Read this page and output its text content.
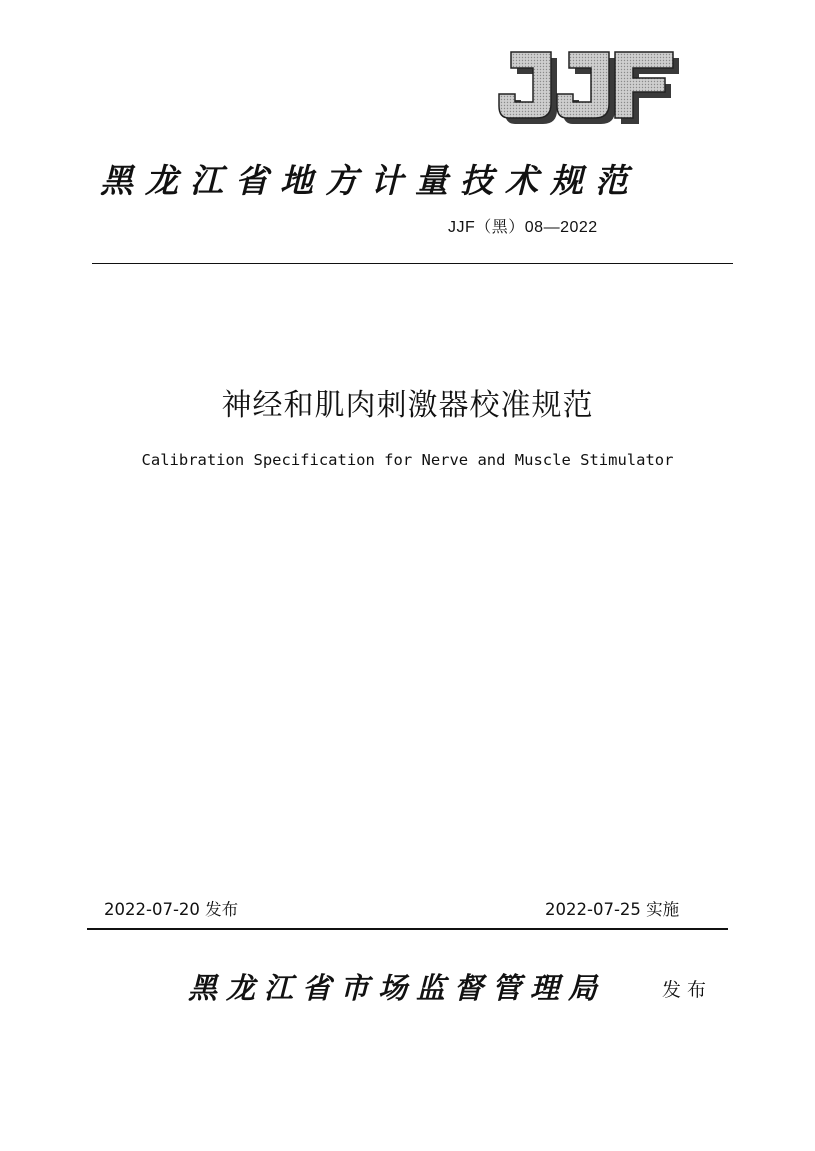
黑龙江省地方计量技术规范
JJF（黑）08—2022
神经和肌肉刺激器校准规范
Calibration Specification for Nerve and Muscle Stimulator
2022-07-20 发布	2022-07-25 实施
黑龙江省市场监督管理局	发布
